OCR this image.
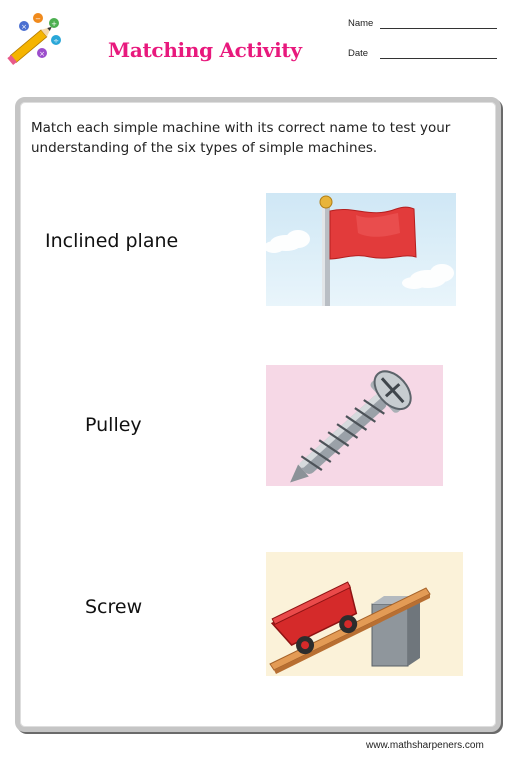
×
−
+
×
÷ Matching Activity
Name
Date
Match each simple machine with its correct name to test your understanding of the six types of simple machines.
Inclined plane
Pulley
Screw
www.mathsharpeners.com
